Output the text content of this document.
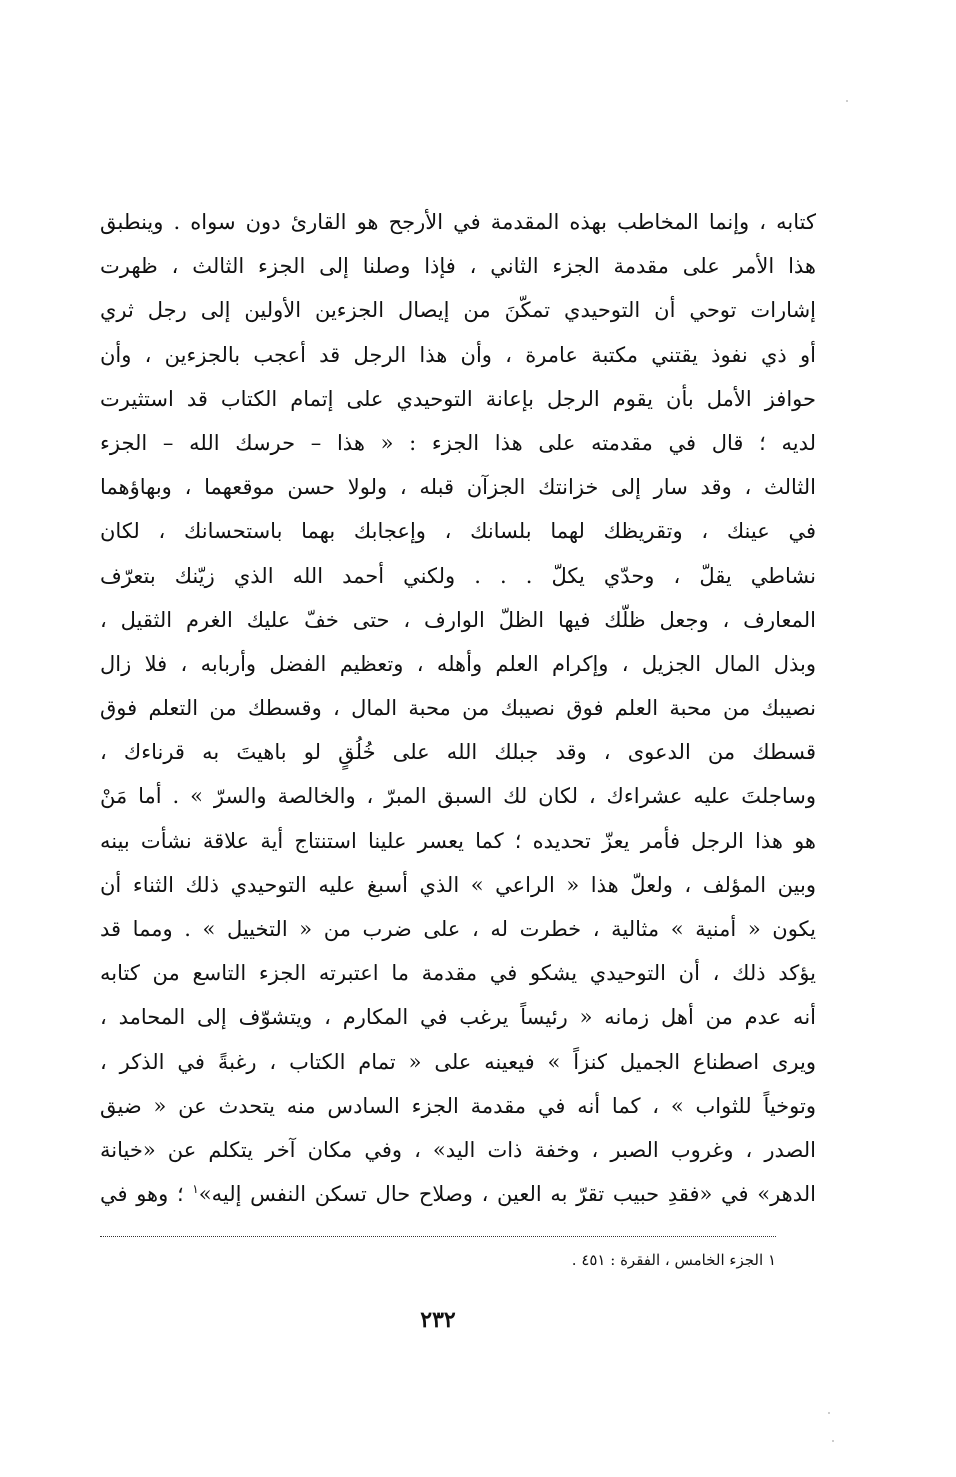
كتابه ، وإنما المخاطب بهذه المقدمة في الأرجح هو القارئ دون سواه . وينطبق
هذا الأمر على مقدمة الجزء الثاني ، فإذا وصلنا إلى الجزء الثالث ، ظهرت
إشارات توحي أن التوحيدي تمكّنَ من إيصال الجزءين الأولين إلى رجل ثري
أو ذي نفوذ يقتني مكتبة عامرة ، وأن هذا الرجل قد أعجب بالجزءين ، وأن
حوافز الأمل بأن يقوم الرجل بإعانة التوحيدي على إتمام الكتاب قد استثيرت
لديه ؛ قال في مقدمته على هذا الجزء : « هذا – حرسك الله – الجزء
الثالث ، وقد سار إلى خزانتك الجزآن قبله ، ولولا حسن موقعهما ، وبهاؤهما
في عينك ، وتقريظك لهما بلسانك ، وإعجابك بهما باستحسانك ، لكان
نشاطي يقلّ ، وحدّي يكلّ . . . ولكني أحمد الله الذي زيّنك بتعرّف
المعارف ، وجعل ظلّك فيها الظلّ الوارف ، حتى خفّ عليك الغرم الثقيل ،
وبذل المال الجزيل ، وإكرام العلم وأهله ، وتعظيم الفضل وأربابه ، فلا زال
نصيبك من محبة العلم فوق نصيبك من محبة المال ، وقسطك من التعلم فوق
قسطك من الدعوى ، وقد جبلك الله على خُلُقٍ لو باهيتَ به قرناءك ،
وساجلتَ عليه عشراءك ، لكان لك السبق المبرّ ، والخالصة والسرّ » . أما مَنْ
هو هذا الرجل فأمر يعزّ تحديده ؛ كما يعسر علينا استنتاج أية علاقة نشأت بينه
وبين المؤلف ، ولعلّ هذا « الراعي » الذي أسبغ عليه التوحيدي ذلك الثناء أن
يكون « أمنية » مثالية ، خطرت له ، على ضرب من « التخييل » . ومما قد
يؤكد ذلك ، أن التوحيدي يشكو في مقدمة ما اعتبرته الجزء التاسع من كتابه
أنه عدم من أهل زمانه « رئيساً يرغب في المكارم ، ويتشوّف إلى المحامد ،
ويرى اصطناع الجميل كنزاً » فيعينه على « تمام الكتاب ، رغبةً في الذكر ،
وتوخياً للثواب » ، كما أنه في مقدمة الجزء السادس منه يتحدث عن « ضيق
الصدر ، وغروب الصبر ، وخفة ذات اليد» ، وفي مكان آخر يتكلم عن «خيانة
الدهر» في «فقدِ حبيب تقرّ به العين ، وصلاح حال تسكن النفس إليه»$^١$ ؛ وهو في
١ الجزء الخامس ، الفقرة : ٤٥١ .
٢٣٢
